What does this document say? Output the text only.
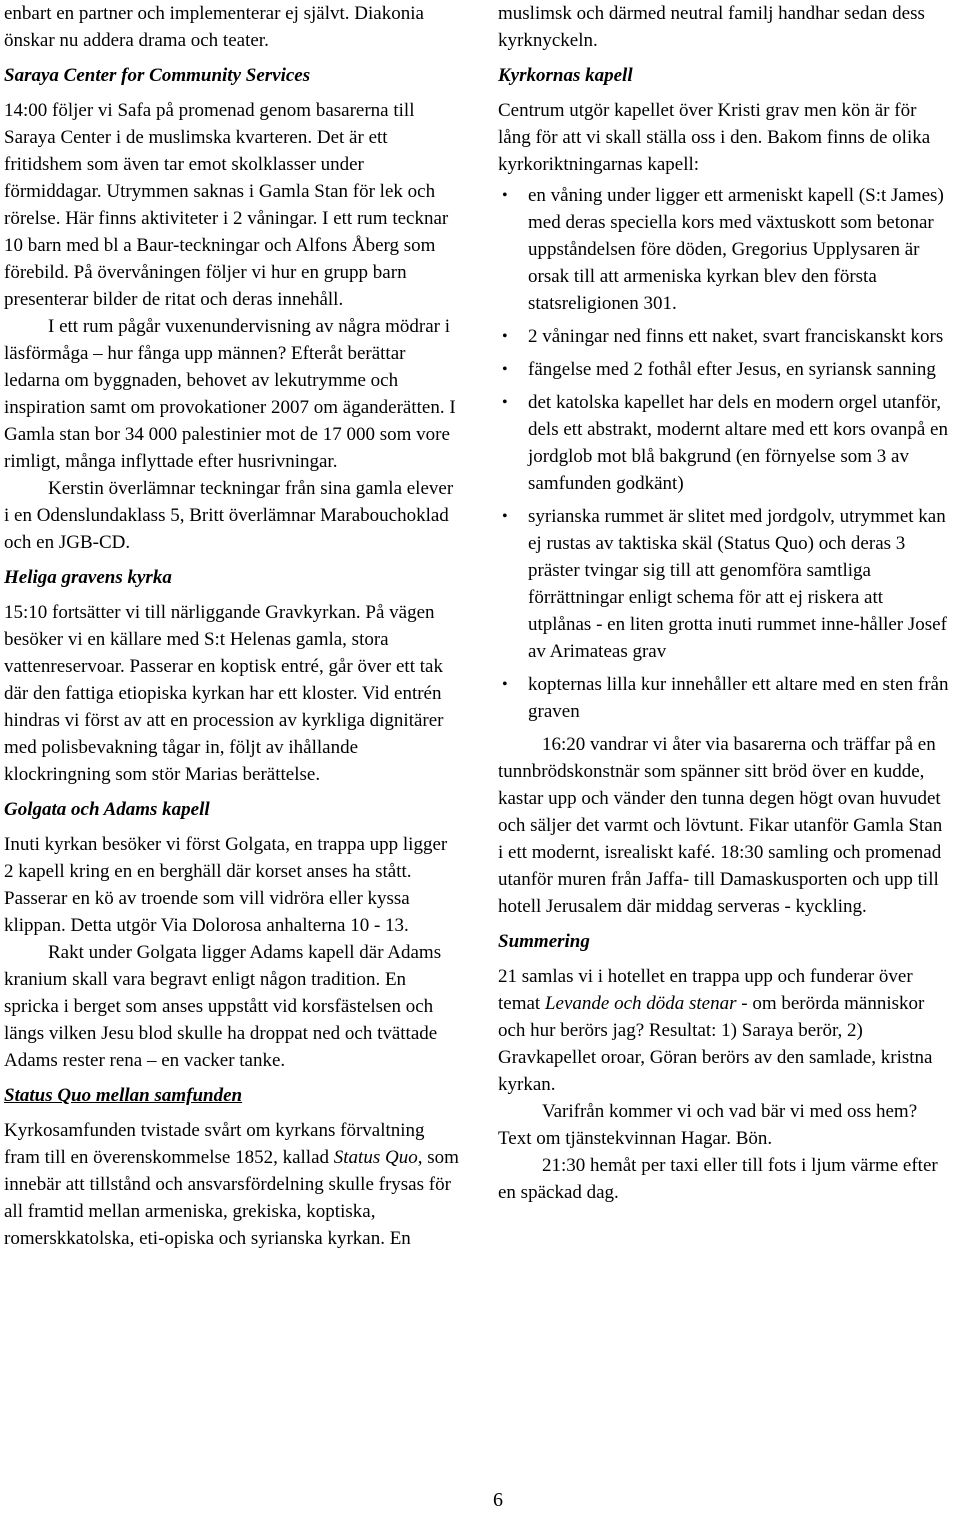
enbart en partner och implementerar ej självt. Diakonia önskar nu addera drama och teater.

Saraya Center for Community Services

14:00 följer vi Safa på promenad genom basarerna till Saraya Center i de muslimska kvarteren. Det är ett fritidshem som även tar emot skolklasser under förmiddagar. Utrymmen saknas i Gamla Stan för lek och rörelse. Här finns aktiviteter i 2 våningar. I ett rum tecknar 10 barn med bl a Baur-teckningar och Alfons Åberg som förebild. På övervåningen följer vi hur en grupp barn presenterar bilder de ritat och deras innehåll.

I ett rum pågår vuxenundervisning av några mödrar i läsförmåga – hur fånga upp männen? Efteråt berättar ledarna om byggnaden, behovet av lekutrymme och inspiration samt om provokationer 2007 om äganderätten. I Gamla stan bor 34 000 palestinier mot de 17 000 som vore rimligt, många inflyttade efter husrivningar.

Kerstin överlämnar teckningar från sina gamla elever i en Odenslundaklass 5, Britt överlämnar Marabouchoklad och en JGB-CD.

Heliga gravens kyrka

15:10 fortsätter vi till närliggande Gravkyrkan. På vägen besöker vi en källare med S:t Helenas gamla, stora vattenreservoar. Passerar en koptisk entré, går över ett tak där den fattiga etiopiska kyrkan har ett kloster. Vid entrén hindras vi först av att en procession av kyrkliga dignitärer med polisbevakning tågar in, följt av ihållande klockringning som stör Marias berättelse.

Golgata och Adams kapell

Inuti kyrkan besöker vi först Golgata, en trappa upp ligger 2 kapell kring en en berghäll där korset anses ha stått. Passerar en kö av troende som vill vidröra eller kyssa klippan. Detta utgör Via Dolorosa anhalterna 10 - 13.

Rakt under Golgata ligger Adams kapell där Adams kranium skall vara begravt enligt någon tradition. En spricka i berget som anses uppstått vid korsfästelsen och längs vilken Jesu blod skulle ha droppat ned och tvättade Adams rester rena – en vacker tanke.

Status Quo mellan samfunden

Kyrkosamfunden tvistade svårt om kyrkans förvaltning fram till en överenskommelse 1852, kallad Status Quo, som innebär att tillstånd och ansvarsfördelning skulle frysas för all framtid mellan armeniska, grekiska, koptiska, romerskkatolska, eti-opiska och syrianska kyrkan. En

muslimsk och därmed neutral familj handhar sedan dess kyrknyckeln.

Kyrkornas kapell

Centrum utgör kapellet över Kristi grav men kön är för lång för att vi skall ställa oss i den. Bakom finns de olika kyrkoriktningarnas kapell:

• en våning under ligger ett armeniskt kapell (S:t James) med deras speciella kors med växtuskott som betonar uppståndelsen före döden, Gregorius Upplysaren är orsak till att armeniska kyrkan blev den första statsreligionen 301.
• 2 våningar ned finns ett naket, svart franciskanskt kors
• fängelse med 2 fothål efter Jesus, en syriansk sanning
• det katolska kapellet har dels en modern orgel utanför, dels ett abstrakt, modernt altare med ett kors ovanpå en jordglob mot blå bakgrund (en förnyelse som 3 av samfunden godkänt)
• syrianska rummet är slitet med jordgolv, utrymmet kan ej rustas av taktiska skäl (Status Quo) och deras 3 präster tvingar sig till att genomföra samtliga förrättningar enligt schema för att ej riskera att utplånas - en liten grotta inuti rummet inne-håller Josef av Arimateas grav
• kopternas lilla kur innehåller ett altare med en sten från graven

16:20 vandrar vi åter via basarerna och träffar på en tunnbrödskonstnär som spänner sitt bröd över en kudde, kastar upp och vänder den tunna degen högt ovan huvudet och säljer det varmt och lövtunt. Fikar utanför Gamla Stan i ett modernt, isrealiskt kafé. 18:30 samling och promenad utanför muren från Jaffa- till Damaskusporten och upp till hotell Jerusalem där middag serveras - kyckling.

Summering

21 samlas vi i hotellet en trappa upp och funderar över temat Levande och döda stenar - om berörda människor och hur berörs jag? Resultat: 1) Saraya berör, 2) Gravkapellet oroar, Göran berörs av den samlade, kristna kyrkan.

Varifrån kommer vi och vad bär vi med oss hem? Text om tjänstekvinnan Hagar. Bön.

21:30 hemåt per taxi eller till fots i ljum värme efter en späckad dag.

6
